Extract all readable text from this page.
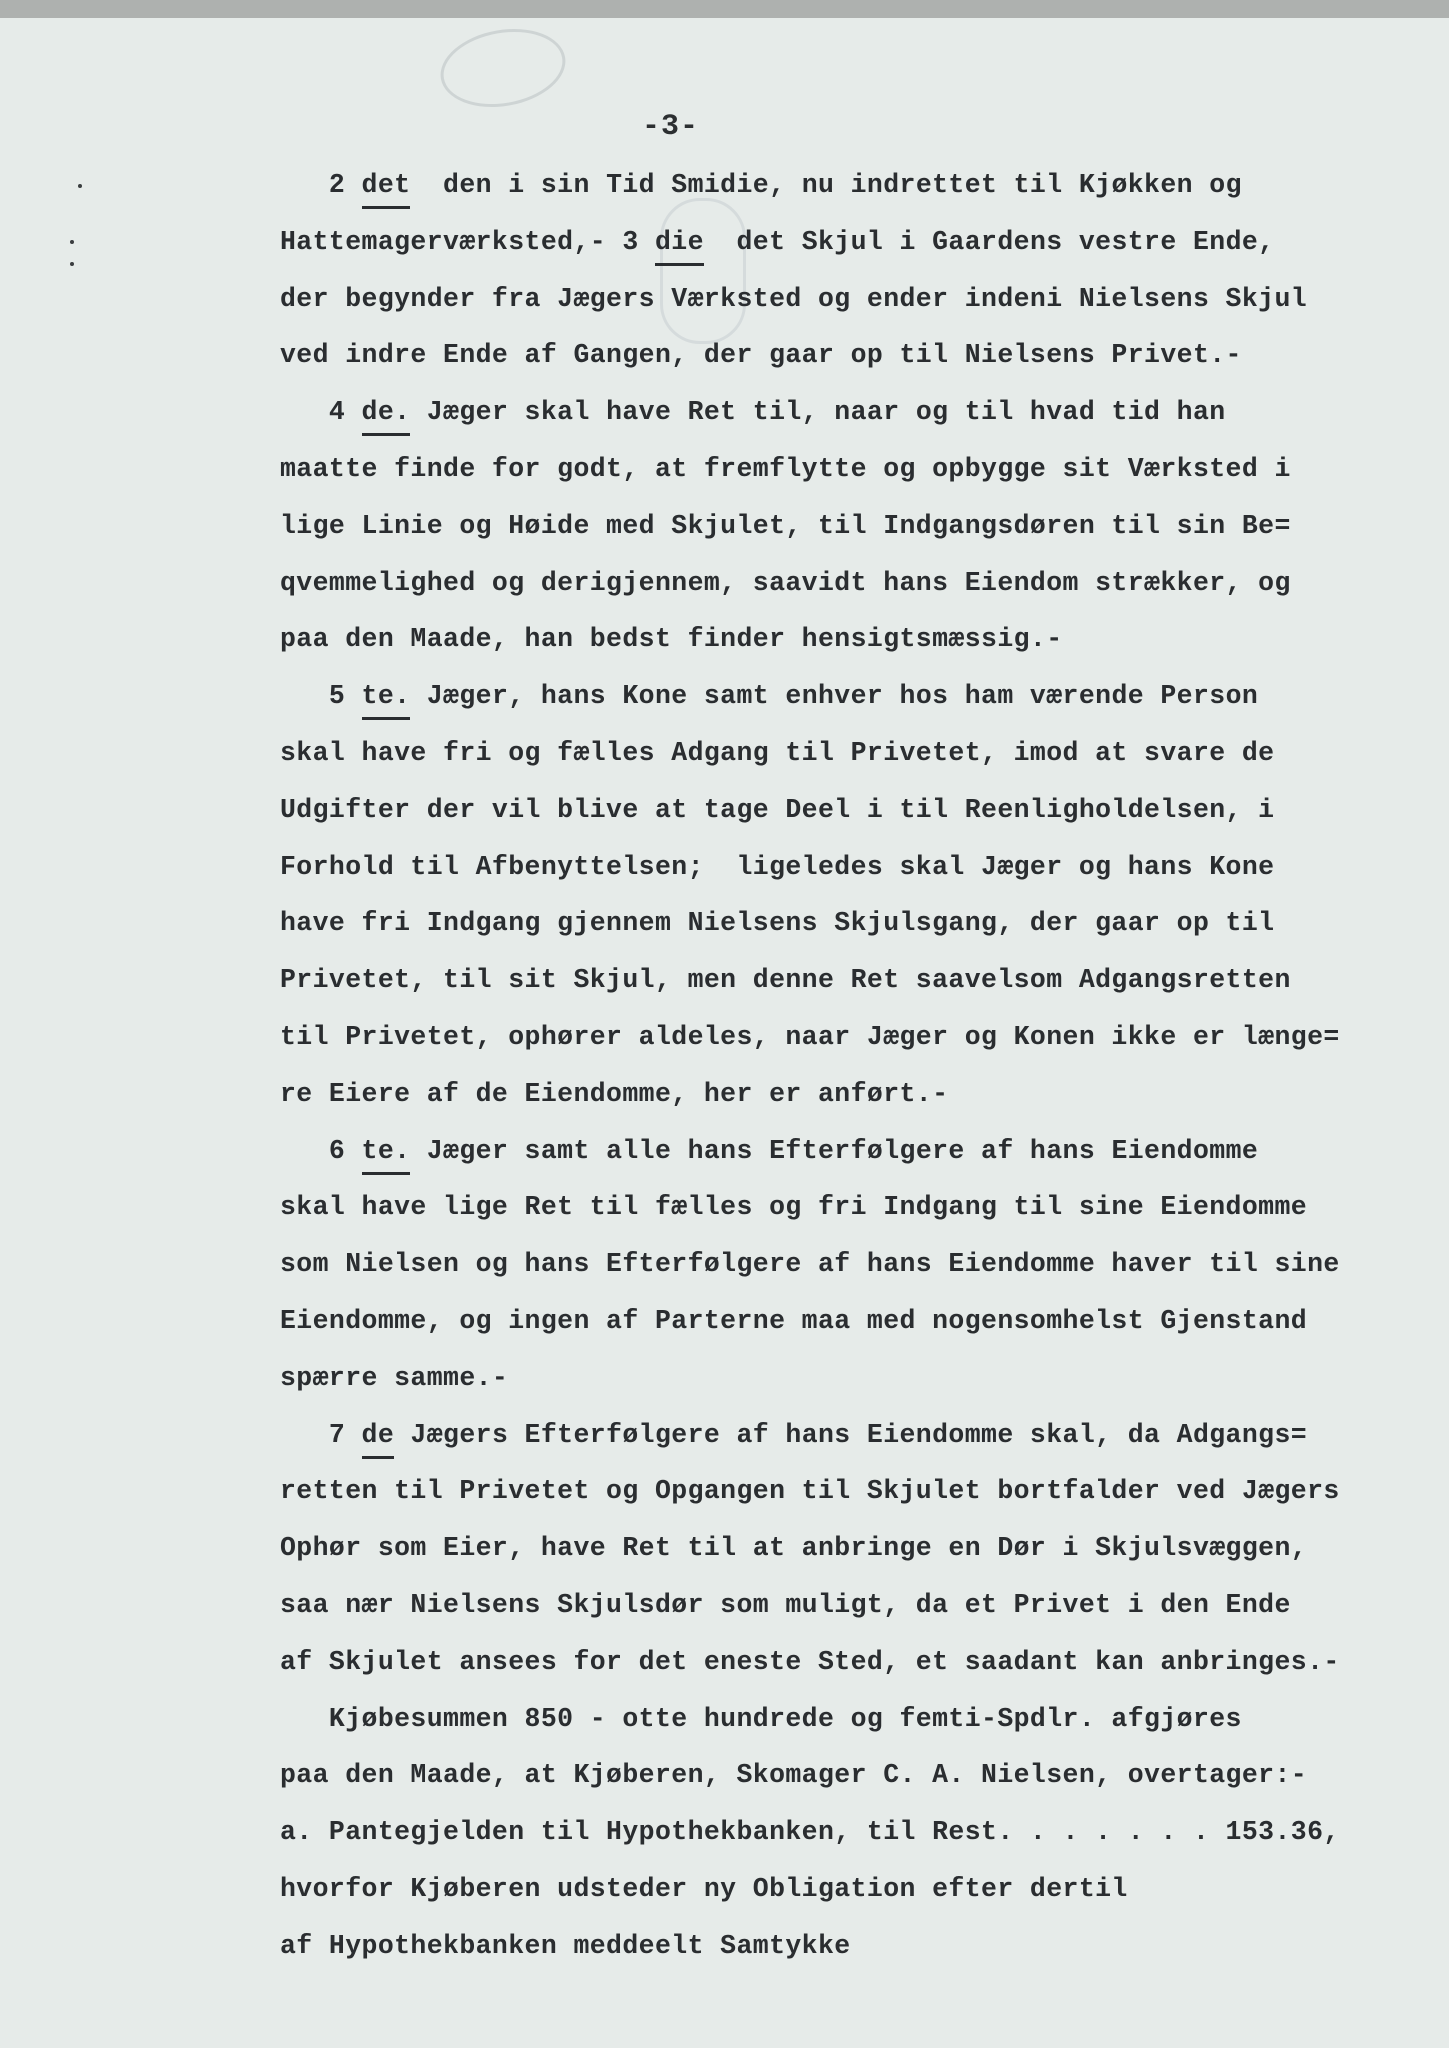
-3-
2 det  den i sin Tid Smidie, nu indrettet til Kjøkken og
Hattemagerværksted,- 3 die  det Skjul i Gaardens vestre Ende,
der begynder fra Jægers Værksted og ender indeni Nielsens Skjul
ved indre Ende af Gangen, der gaar op til Nielsens Privet.-
4 de. Jæger skal have Ret til, naar og til hvad tid han
maatte finde for godt, at fremflytte og opbygge sit Værksted i
lige Linie og Høide med Skjulet, til Indgangsdøren til sin Be=
qvemmelighed og derigjennem, saavidt hans Eiendom strækker, og
paa den Maade, han bedst finder hensigtsmæssig.-
5 te. Jæger, hans Kone samt enhver hos ham værende Person
skal have fri og fælles Adgang til Privetet, imod at svare de
Udgifter der vil blive at tage Deel i til Reenligholdelsen, i
Forhold til Afbenyttelsen;  ligeledes skal Jæger og hans Kone
have fri Indgang gjennem Nielsens Skjulsgang, der gaar op til
Privetet, til sit Skjul, men denne Ret saavelsom Adgangsretten
til Privetet, ophører aldeles, naar Jæger og Konen ikke er længe=
re Eiere af de Eiendomme, her er anført.-
6 te. Jæger samt alle hans Efterfølgere af hans Eiendomme
skal have lige Ret til fælles og fri Indgang til sine Eiendomme
som Nielsen og hans Efterfølgere af hans Eiendomme haver til sine
Eiendomme, og ingen af Parterne maa med nogensomhelst Gjenstand
spærre samme.-
7 de Jægers Efterfølgere af hans Eiendomme skal, da Adgangs=
retten til Privetet og Opgangen til Skjulet bortfalder ved Jægers
Ophør som Eier, have Ret til at anbringe en Dør i Skjulsvæggen,
saa nær Nielsens Skjulsdør som muligt, da et Privet i den Ende
af Skjulet ansees for det eneste Sted, et saadant kan anbringes.-
Kjøbesummen 850 - otte hundrede og femti-Spdlr. afgjøres
paa den Maade, at Kjøberen, Skomager C. A. Nielsen, overtager:-
a. Pantegjelden til Hypothekbanken, til Rest. . . . . . . 153.36,
hvorfor Kjøberen udsteder ny Obligation efter dertil
af Hypothekbanken meddeelt Samtykke
